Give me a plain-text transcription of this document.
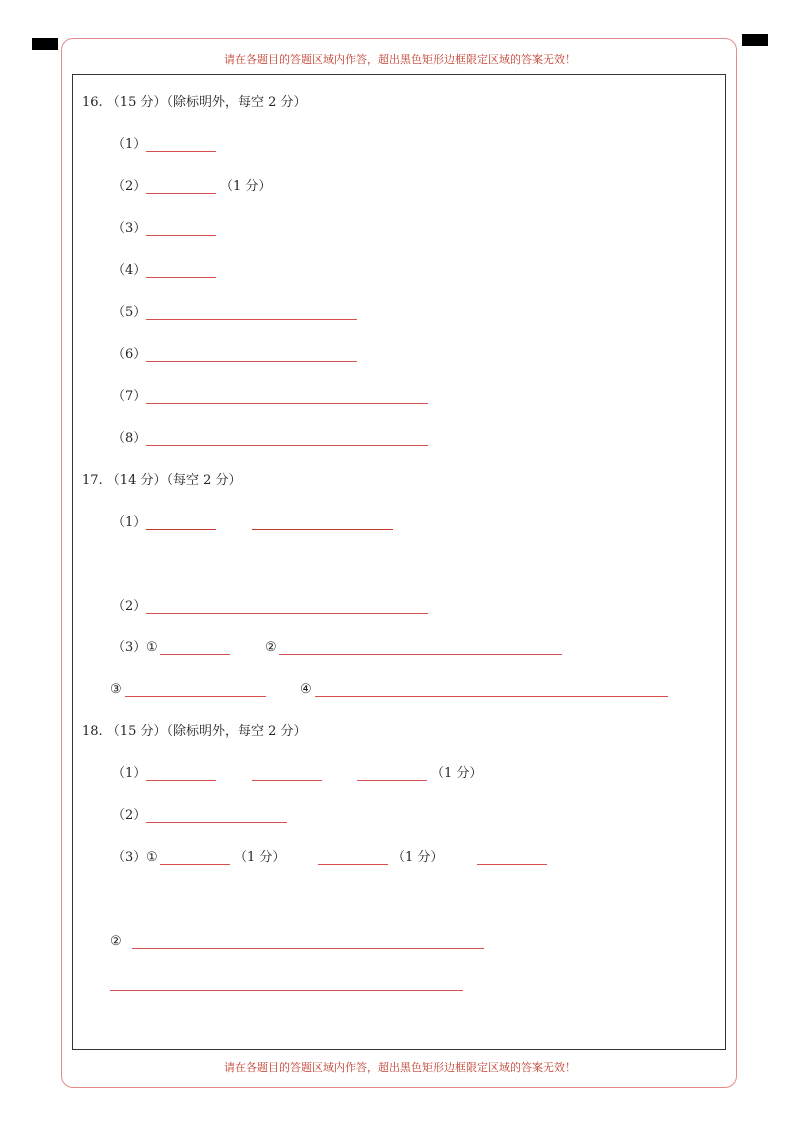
请在各题目的答题区域内作答，超出黑色矩形边框限定区域的答案无效！
请在各题目的答题区域内作答，超出黑色矩形边框限定区域的答案无效！
16. （15 分）（除标明外，每空 2 分）
（1）
（2）	（1 分）
（3）
（4）
（5）
（6）
（7）
（8）
17. （14 分）（每空 2 分）
（1）
（2）
（3） ①	②
③	④
18. （15 分）（除标明外，每空 2 分）
（1）	（1 分）
（2）
（3） ①	（1 分）	（1 分）
②
